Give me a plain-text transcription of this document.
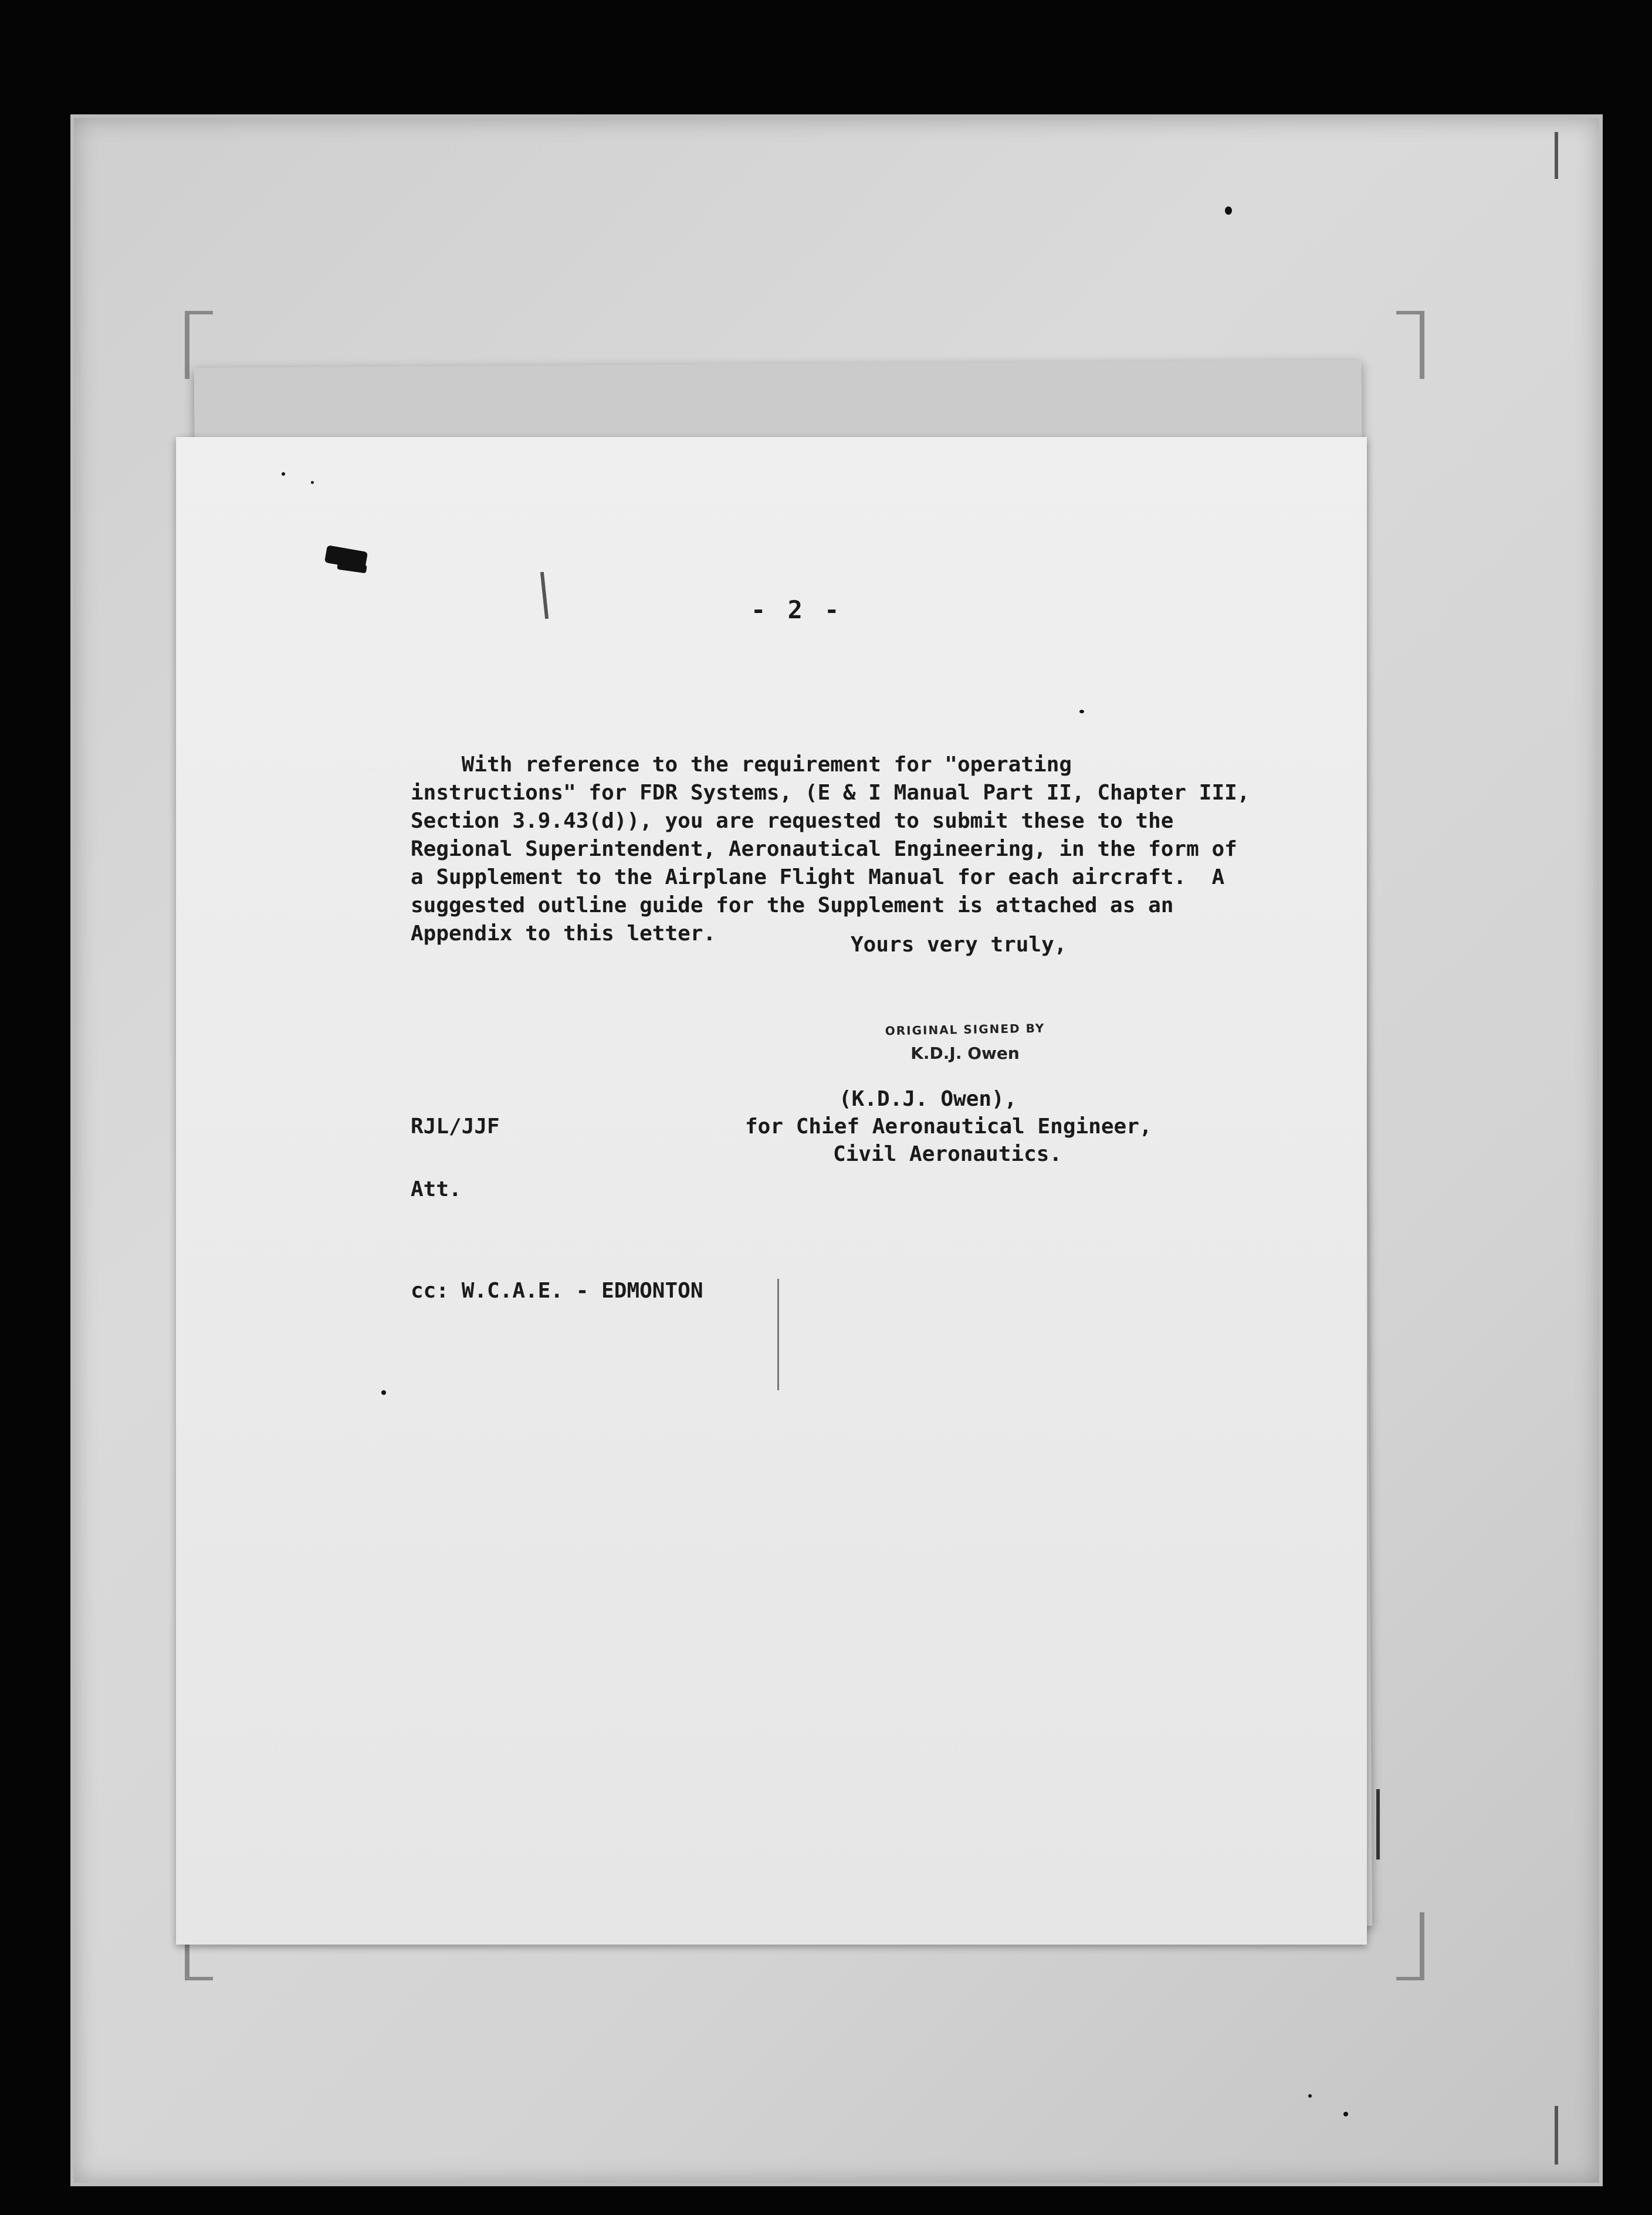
- 2 -
With reference to the requirement for "operating
instructions" for FDR Systems, (E & I Manual Part II, Chapter III,
Section 3.9.43(d)), you are requested to submit these to the
Regional Superintendent, Aeronautical Engineering, in the form of
a Supplement to the Airplane Flight Manual for each aircraft.  A
suggested outline guide for the Supplement is attached as an
Appendix to this letter.	Yours very truly,
ORIGINAL SIGNED BY
K.D.J. Owen
(K.D.J. Owen),
RJL/JJF	for Chief Aeronautical Engineer,
Civil Aeronautics.
Att.
cc: W.C.A.E. - EDMONTON
